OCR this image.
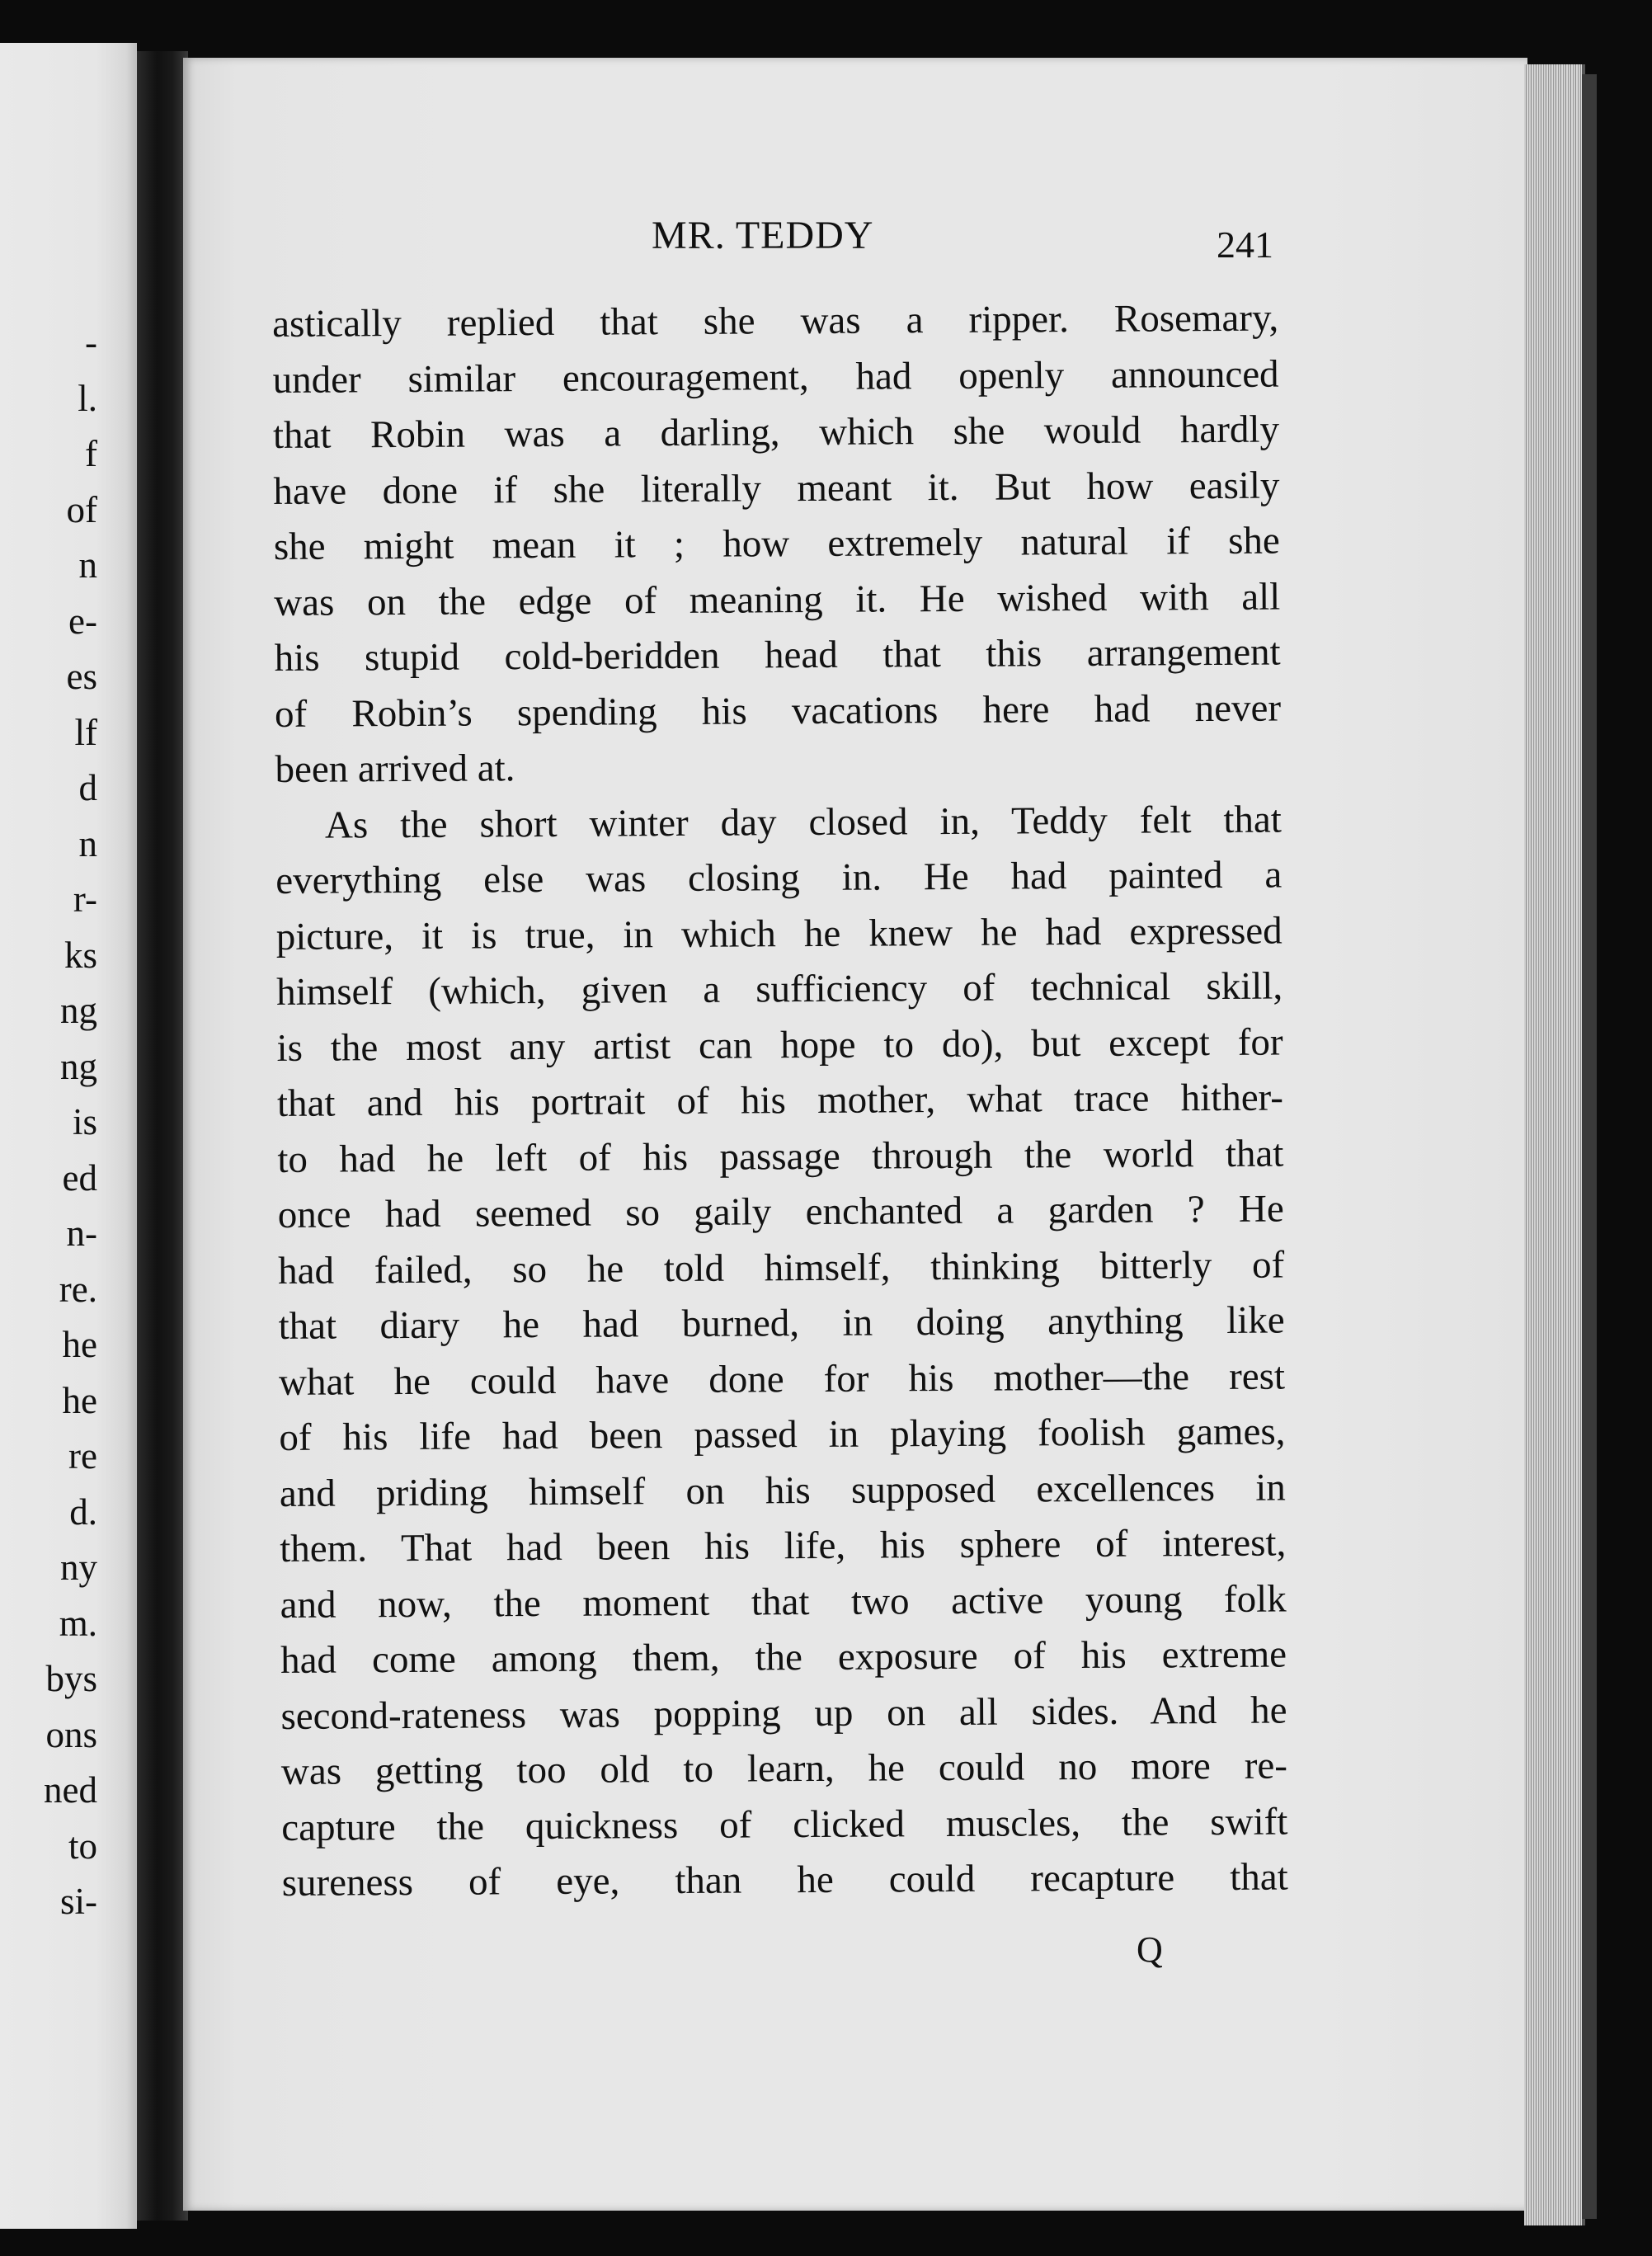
-
l.
f
of
n
e-
es
lf
d
n
r-
ks
ng
ng
is
ed
n-
re.
he
he
re
d.
ny
m.
bys
ons
ned
to
si-
MR. TEDDY	241
astically replied that she was a ripper. Rosemary,
under similar encouragement, had openly announced
that Robin was a darling, which she would hardly
have done if she literally meant it. But how easily
she might mean it ; how extremely natural if she
was on the edge of meaning it. He wished with all
his stupid cold-beridden head that this arrangement
of Robin’s spending his vacations here had never
been arrived at.
As the short winter day closed in, Teddy felt that
everything else was closing in. He had painted a
picture, it is true, in which he knew he had expressed
himself (which, given a sufficiency of technical skill,
is the most any artist can hope to do), but except for
that and his portrait of his mother, what trace hither-
to had he left of his passage through the world that
once had seemed so gaily enchanted a garden ? He
had failed, so he told himself, thinking bitterly of
that diary he had burned, in doing anything like
what he could have done for his mother—the rest
of his life had been passed in playing foolish games,
and priding himself on his supposed excellences in
them. That had been his life, his sphere of interest,
and now, the moment that two active young folk
had come among them, the exposure of his extreme
second-rateness was popping up on all sides. And he
was getting too old to learn, he could no more re-
capture the quickness of clicked muscles, the swift
sureness of eye, than he could recapture that
Q
